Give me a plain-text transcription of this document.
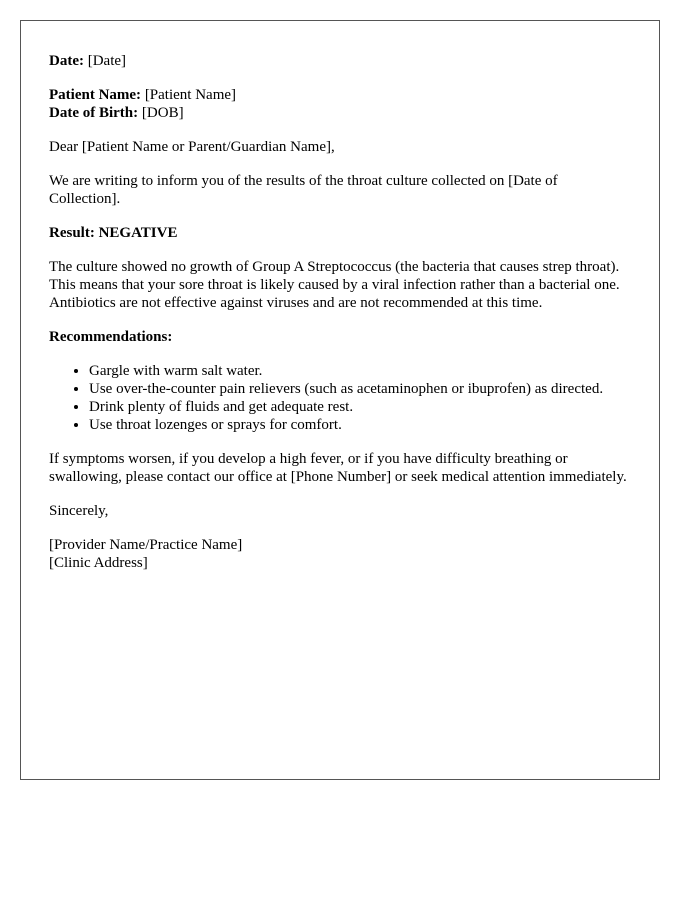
Date: [Date]

Patient Name: [Patient Name]

Date of Birth: [DOB]

Dear [Patient Name or Parent/Guardian Name],

We are writing to inform you of the results of the throat culture collected on [Date of Collection].

Result: NEGATIVE

The culture showed no growth of Group A Streptococcus (the bacteria that causes strep throat). This means that your sore throat is likely caused by a viral infection rather than a bacterial one. Antibiotics are not effective against viruses and are not recommended at this time.

Recommendations:

• Gargle with warm salt water.
• Use over-the-counter pain relievers (such as acetaminophen or ibuprofen) as directed.
• Drink plenty of fluids and get adequate rest.
• Use throat lozenges or sprays for comfort.

If symptoms worsen, if you develop a high fever, or if you have difficulty breathing or swallowing, please contact our office at [Phone Number] or seek medical attention immediately.

Sincerely,

[Provider Name/Practice Name]

[Clinic Address]
